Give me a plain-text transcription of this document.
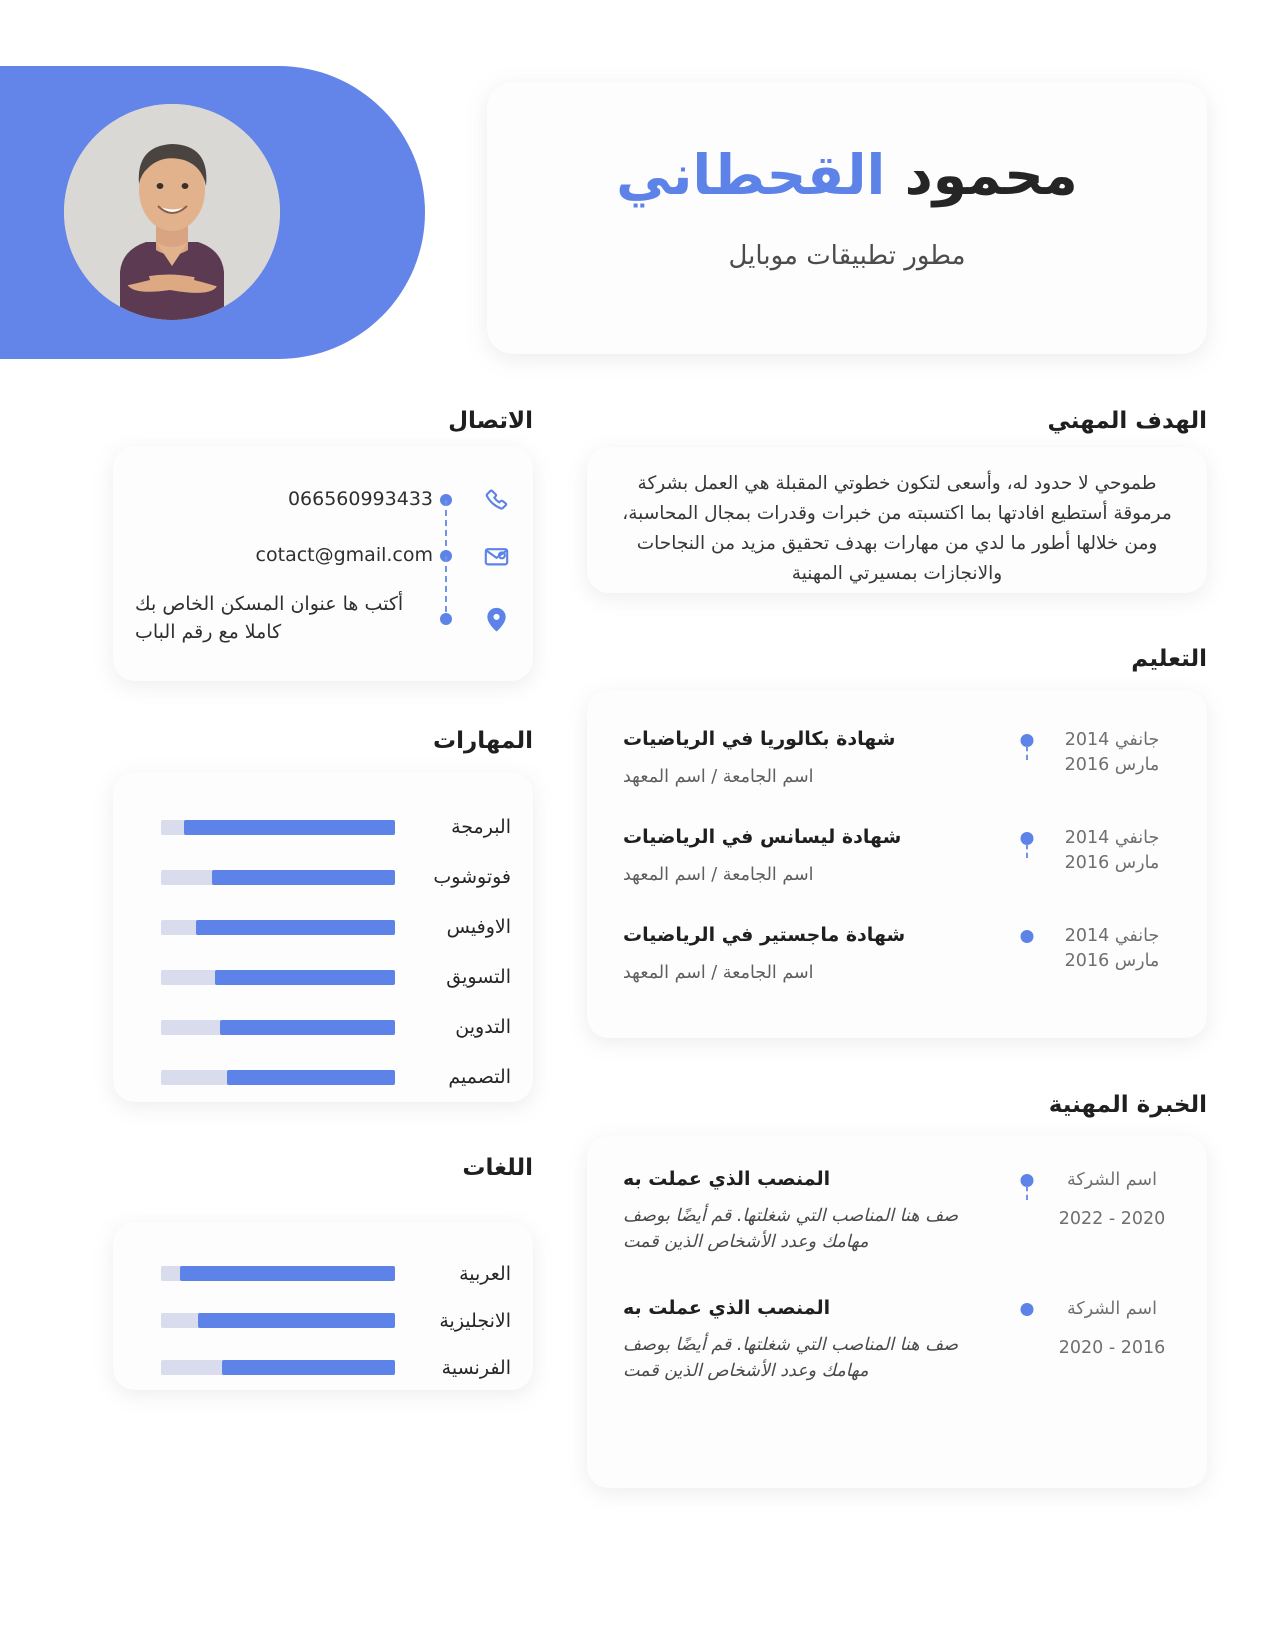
محمود القحطاني
مطور تطبيقات موبايل
الهدف المهني
طموحي لا حدود له، وأسعى لتكون خطوتي المقبلة هي العمل بشركة مرموقة أستطيع افادتها بما اكتسبته من خبرات وقدرات بمجال المحاسبة، ومن خلالها أطور ما لدي من مهارات بهدف تحقيق مزيد من النجاحات والانجازات بمسيرتي المهنية
التعليم
جانفي 2014
مارس 2016
شهادة بكالوريا في الرياضيات
اسم الجامعة / اسم المعهد
جانفي 2014
مارس 2016
شهادة ليسانس في الرياضيات
اسم الجامعة / اسم المعهد
جانفي 2014
مارس 2016
شهادة ماجستير في الرياضيات
اسم الجامعة / اسم المعهد
الخبرة المهنية
اسم الشركة
2020 - 2022
المنصب الذي عملت به
صف هنا المناصب التي شغلتها. قم أيضًا بوصف مهامك وعدد الأشخاص الذين قمت
اسم الشركة
2016 - 2020
المنصب الذي عملت به
صف هنا المناصب التي شغلتها. قم أيضًا بوصف مهامك وعدد الأشخاص الذين قمت
الاتصال
066560993433
cotact@gmail.com
أكتب ها عنوان المسكن الخاص بك كاملا مع رقم الباب
المهارات
البرمجة
فوتوشوب
الاوفيس
التسويق
التدوين
التصميم
اللغات
العربية
الانجليزية
الفرنسية
